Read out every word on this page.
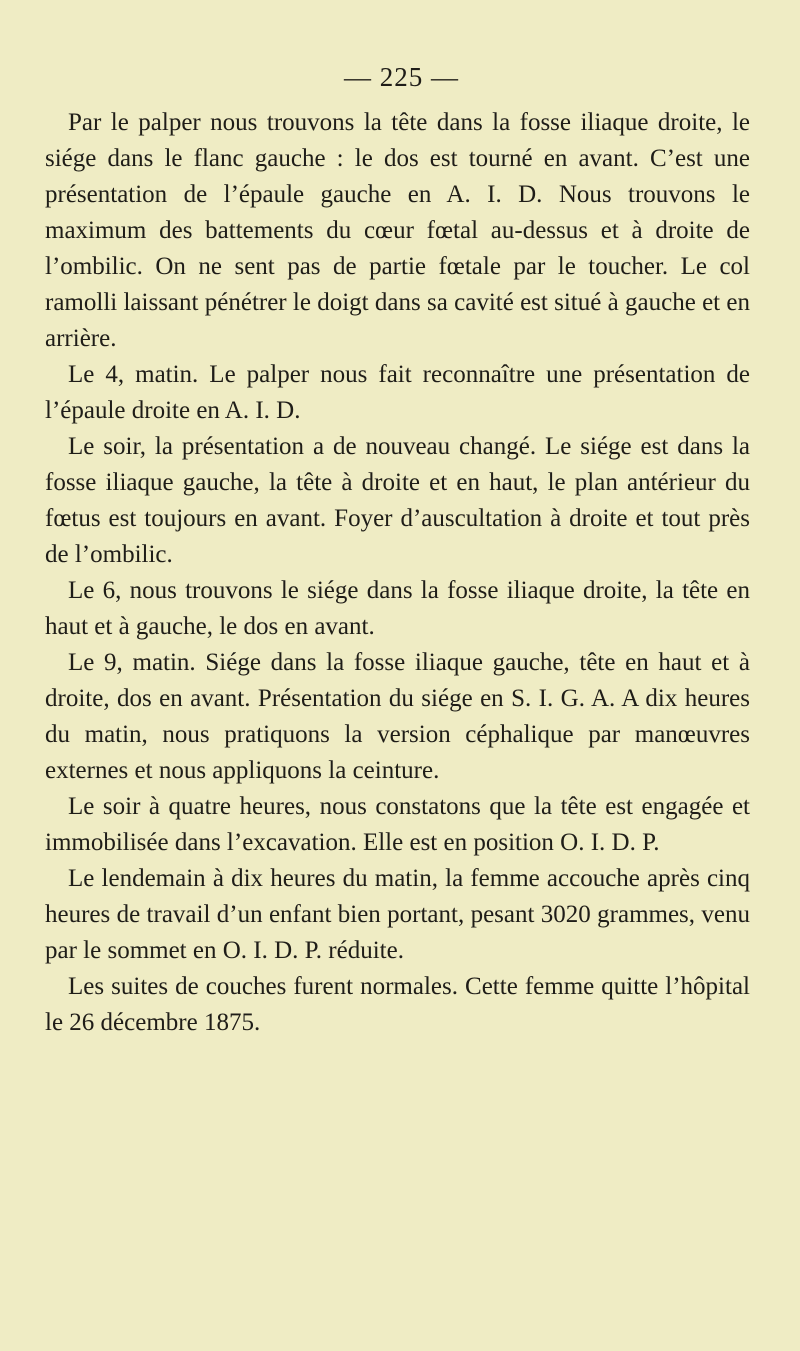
— 225 —

Par le palper nous trouvons la tête dans la fosse iliaque droite, le siége dans le flanc gauche : le dos est tourné en avant. C’est une présentation de l’épaule gauche en A. I. D. Nous trouvons le maximum des battements du cœur fœtal au-dessus et à droite de l’ombilic. On ne sent pas de partie fœtale par le toucher. Le col ramolli laissant pénétrer le doigt dans sa cavité est situé à gauche et en arrière.

Le 4, matin. Le palper nous fait reconnaître une présentation de l’épaule droite en A. I. D.

Le soir, la présentation a de nouveau changé. Le siége est dans la fosse iliaque gauche, la tête à droite et en haut, le plan antérieur du fœtus est toujours en avant. Foyer d’auscultation à droite et tout près de l’ombilic.

Le 6, nous trouvons le siége dans la fosse iliaque droite, la tête en haut et à gauche, le dos en avant.

Le 9, matin. Siége dans la fosse iliaque gauche, tête en haut et à droite, dos en avant. Présentation du siége en S. I. G. A. A dix heures du matin, nous pratiquons la version céphalique par manœuvres externes et nous appliquons la ceinture.

Le soir à quatre heures, nous constatons que la tête est engagée et immobilisée dans l’excavation. Elle est en position O. I. D. P.

Le lendemain à dix heures du matin, la femme accouche après cinq heures de travail d’un enfant bien portant, pesant 3020 grammes, venu par le sommet en O. I. D. P. réduite.

Les suites de couches furent normales. Cette femme quitte l’hôpital le 26 décembre 1875.
